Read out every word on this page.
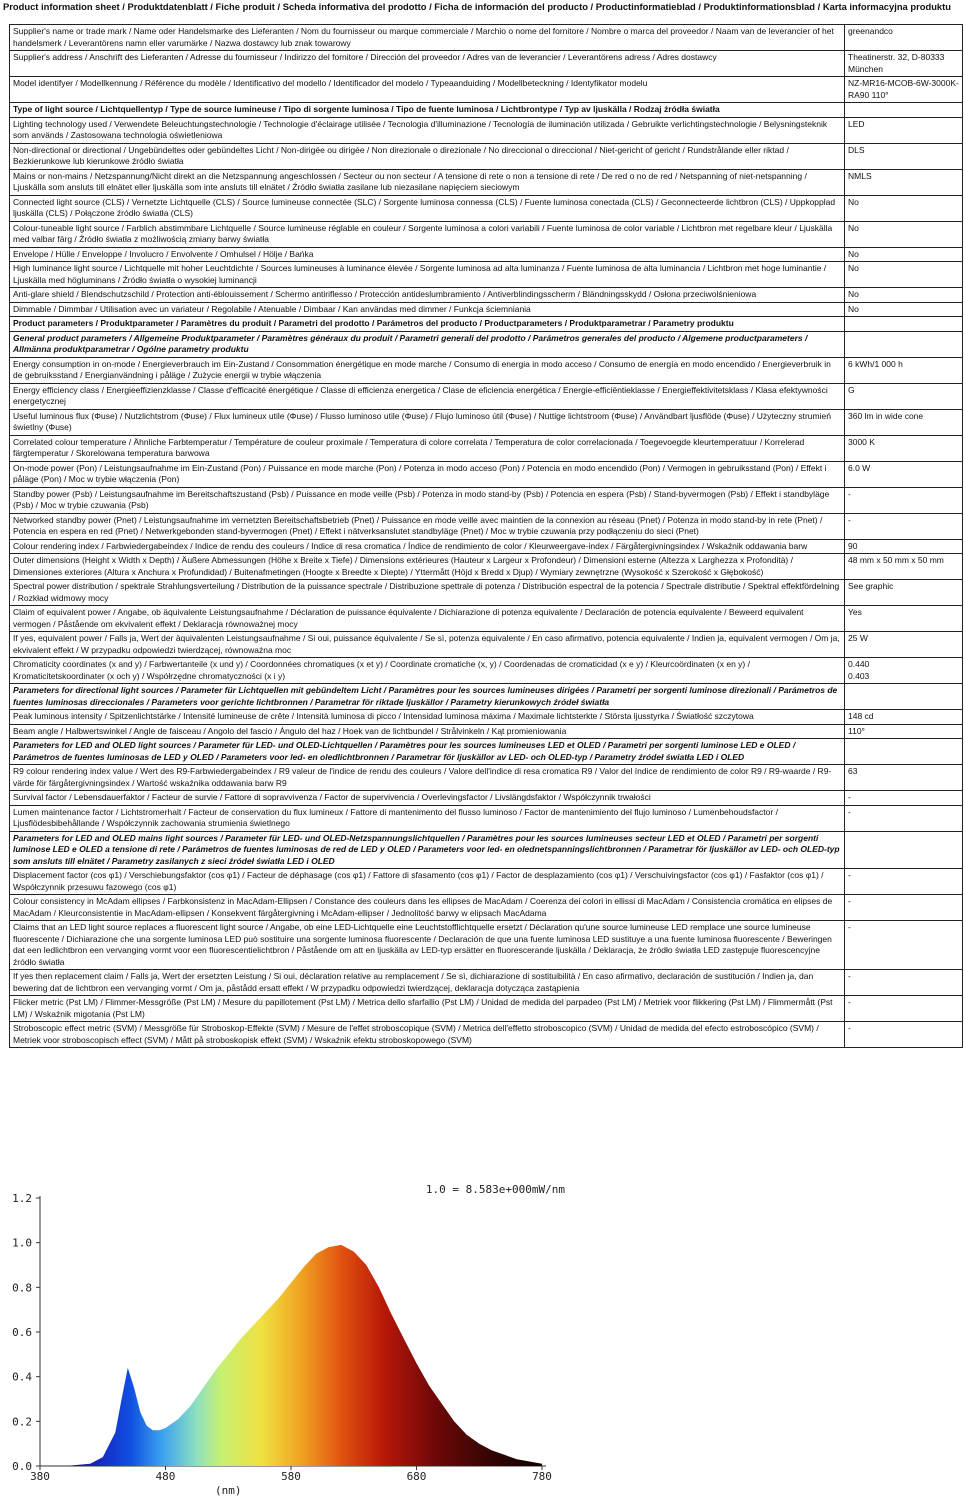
Product information sheet / Produktdatenblatt / Fiche produit / Scheda informativa del prodotto / Ficha de información del producto / Productinformatieblad / Produktinformationsblad / Karta informacyjna produktu
Supplier's name or trade mark / Name oder Handelsmarke des Lieferanten / Nom du fournisseur ou marque commerciale / Marchio o nome del fornitore / Nombre o marca del proveedor / Naam van de leverancier of het handelsmerk / Leverantörens namn eller varumärke / Nazwa dostawcy lub znak towarowy	greenandco
Supplier's address / Anschrift des Lieferanten / Adresse du fournisseur / Indirizzo del fornitore / Dirección del proveedor / Adres van de leverancier / Leverantörens adress / Adres dostawcy	Theatinerstr. 32, D-80333 München
Model identifyer / Modellkennung / Référence du modèle / Identificativo del modello / Identificador del modelo / Typeaanduiding / Modellbeteckning / Identyfikator modelu	NZ-MR16-MCOB-6W-3000K-RA90 110°
Type of light source / Lichtquellentyp / Type de source lumineuse / Tipo di sorgente luminosa / Tipo de fuente luminosa / Lichtbrontype / Typ av ljuskälla / Rodzaj źródła światła	
Lighting technology used / Verwendete Beleuchtungstechnologie / Technologie d'éclairage utilisée / Tecnologia d'illuminazione / Tecnología de iluminación utilizada / Gebruikte verlichtingstechnologie / Belysningsteknik som används / Zastosowana technologia oświetleniowa	LED
Non-directional or directional / Ungebündeltes oder gebündeltes Licht / Non-dirigée ou dirigée / Non direzionale o direzionale / No direccional o direccional / Niet-gericht of gericht / Rundstrålande eller riktad / Bezkierunkowe lub kierunkowe źródło światła	DLS
Mains or non-mains / Netzspannung/Nicht direkt an die Netzspannung angeschlossen / Secteur ou non secteur / A tensione di rete o non a tensione di rete / De red o no de red / Netspanning of niet-netspanning / Ljuskälla som ansluts till elnätet eller ljuskälla som inte ansluts till elnätet / Źródło światła zasilane lub niezasilane napięciem sieciowym	NMLS
Connected light source (CLS) / Vernetzte Lichtquelle (CLS) / Source lumineuse connectée (SLC) / Sorgente luminosa connessa (CLS) / Fuente luminosa conectada (CLS) / Geconnecteerde lichtbron (CLS) / Uppkopplad ljuskälla (CLS) / Połączone źródło światła (CLS)	No
Colour-tuneable light source / Farblich abstimmbare Lichtquelle / Source lumineuse réglable en couleur / Sorgente luminosa a colori variabili / Fuente luminosa de color variable / Lichtbron met regelbare kleur / Ljuskälla med valbar färg / Źródło światła z możliwością zmiany barwy światła	No
Envelope / Hülle / Enveloppe / Involucro / Envolvente / Omhulsel / Hölje / Bańka	No
High luminance light source / Lichtquelle mit hoher Leuchtdichte / Sources lumineuses à luminance élevée / Sorgente luminosa ad alta luminanza / Fuente luminosa de alta luminancia / Lichtbron met hoge luminantie / Ljuskälla med högluminans / Źródło światła o wysokiej luminancji	No
Anti-glare shield / Blendschutzschild / Protection anti-éblouissement / Schermo antiriflesso / Protección antideslumbramiento / Antiverblindingsscherm / Bländningsskydd / Osłona przeciwolśnieniowa	No
Dimmable / Dimmbar / Utilisation avec un variateur / Regolabile / Atenuable / Dimbaar / Kan användas med dimmer / Funkcja ściemniania	No
Product parameters / Produktparameter / Paramètres du produit / Parametri del prodotto / Parámetros del producto / Productparameters / Produktparametrar / Parametry produktu	
General product parameters / Allgemeine Produktparameter / Paramètres généraux du produit / Parametri generali del prodotto / Parámetros generales del producto / Algemene productparameters / Allmänna produktparametrar / Ogólne parametry produktu	
Energy consumption in on-mode / Energieverbrauch im Ein-Zustand / Consommation énergétique en mode marche / Consumo di energia in modo acceso / Consumo de energía en modo encendido / Energieverbruik in de gebruiksstand / Energianvändning i påläge / Zużycie energii w trybie włączenia	6 kWh/1 000 h
Energy efficiency class / Energieeffizienzklasse / Classe d'efficacité énergétique / Classe di efficienza energetica / Clase de eficiencia energética / Energie-efficiëntieklasse / Energieffektivitetsklass / Klasa efektywności energetycznej	G
Useful luminous flux (Φuse) / Nutzlichtstrom (Φuse) / Flux lumineux utile (Φuse) / Flusso luminoso utile (Φuse) / Flujo luminoso útil (Φuse) / Nuttige lichtstroom (Φuse) / Användbart ljusflöde (Φuse) / Użyteczny strumień świetlny (Φuse)	360 lm in wide cone
Correlated colour temperature / Ähnliche Farbtemperatur / Température de couleur proximale / Temperatura di colore correlata / Temperatura de color correlacionada / Toegevoegde kleurtemperatuur / Korrelerad färgtemperatur / Skorelowana temperatura barwowa	3000 K
On-mode power (Pon) / Leistungsaufnahme im Ein-Zustand (Pon) / Puissance en mode marche (Pon) / Potenza in modo acceso (Pon) / Potencia en modo encendido (Pon) / Vermogen in gebruiksstand (Pon) / Effekt i påläge (Pon) / Moc w trybie włączenia (Pon)	6.0 W
Standby power (Psb) / Leistungsaufnahme im Bereitschaftszustand (Psb) / Puissance en mode veille (Psb) / Potenza in modo stand-by (Psb) / Potencia en espera (Psb) / Stand-byvermogen (Psb) / Effekt i standbyläge (Psb) / Moc w trybie czuwania (Psb)	-
Networked standby power (Pnet) / Leistungsaufnahme im vernetzten Bereitschaftsbetrieb (Pnet) / Puissance en mode veille avec maintien de la connexion au réseau (Pnet) / Potenza in modo stand-by in rete (Pnet) / Potencia en espera en red (Pnet) / Netwerkgebonden stand-byvermogen (Pnet) / Effekt i nätverksanslutet standbyläge (Pnet) / Moc w trybie czuwania przy podłączeniu do sieci (Pnet)	-
Colour rendering index / Farbwiedergabeindex / Indice de rendu des couleurs / Indice di resa cromatica / Índice de rendimiento de color / Kleurweergave-index / Färgåtergivningsindex / Wskaźnik oddawania barw	90
Outer dimensions (Height x Width x Depth) / Äußere Abmessungen (Höhe x Breite x Tiefe) / Dimensions extérieures (Hauteur x Largeur x Profondeur) / Dimensioni esterne (Altezza x Larghezza x Profondità) / Dimensiones exteriores (Altura x Anchura x Profundidad) / Buitenafmetingen (Hoogte x Breedte x Diepte) / Yttermått (Höjd x Bredd x Djup) / Wymiary zewnętrzne (Wysokość x Szerokość x Głębokość)	48 mm x 50 mm x 50 mm
Spectral power distribution / spektrale Strahlungsverteilung / Distribution de la puissance spectrale / Distribuzione spettrale di potenza / Distribución espectral de la potencia / Spectrale distributie / Spektral effektfördelning / Rozkład widmowy mocy	See graphic
Claim of equivalent power / Angabe, ob äquivalente Leistungsaufnahme / Déclaration de puissance équivalente / Dichiarazione di potenza equivalente / Declaración de potencia equivalente / Beweerd equivalent vermogen / Påstående om ekvivalent effekt / Deklaracja równoważnej mocy	Yes
If yes, equivalent power / Falls ja, Wert der äquivalenten Leistungsaufnahme / Si oui, puissance équivalente / Se sì, potenza equivalente / En caso afirmativo, potencia equivalente / Indien ja, equivalent vermogen / Om ja, ekvivalent effekt / W przypadku odpowiedzi twierdzącej, równoważna moc	25 W
Chromaticity coordinates (x and y) / Farbwertanteile (x und y) / Coordonnées chromatiques (x et y) / Coordinate cromatiche (x, y) / Coordenadas de cromaticidad (x e y) / Kleurcoördinaten (x en y) / Kromaticitetskoordinater (x och y) / Współrzędne chromatyczności (x i y)	0.440
0.403
Parameters for directional light sources / Parameter für Lichtquellen mit gebündeltem Licht / Paramètres pour les sources lumineuses dirigées / Parametri per sorgenti luminose direzionali / Parámetros de fuentes luminosas direccionales / Parameters voor gerichte lichtbronnen / Parametrar för riktade ljuskällor / Parametry kierunkowych źródeł światła	
Peak luminous intensity / Spitzenlichtstärke / Intensité lumineuse de crête / Intensità luminosa di picco / Intensidad luminosa máxima / Maximale lichtsterkte / Största ljusstyrka / Światłość szczytowa	148 cd
Beam angle / Halbwertswinkel / Angle de faisceau / Angolo del fascio / Ángulo del haz / Hoek van de lichtbundel / Strålvinkeln / Kąt promieniowania	110°
Parameters for LED and OLED light sources / Parameter für LED- und OLED-Lichtquellen / Paramètres pour les sources lumineuses LED et OLED / Parametri per sorgenti luminose LED e OLED / Parámetros de fuentes luminosas de LED y OLED / Parameters voor led- en oledlichtbronnen / Parametrar för ljuskällor av LED- och OLED-typ / Parametry źródeł światła LED i OLED	
R9 colour rendering index value / Wert des R9-Farbwiedergabeindex / R9 valeur de l'indice de rendu des couleurs / Valore dell'indice di resa cromatica R9 / Valor del índice de rendimiento de color R9 / R9-waarde / R9-värde för färgåtergivningsindex / Wartość wskaźnika oddawania barw R9	63
Survival factor / Lebensdauerfaktor / Facteur de survie / Fattore di sopravvivenza / Factor de supervivencia / Overlevingsfactor / Livslängdsfaktor / Współczynnik trwałości	-
Lumen maintenance factor / Lichtstromerhalt / Facteur de conservation du flux lumineux / Fattore di mantenimento del flusso luminoso / Factor de mantenimiento del flujo luminoso / Lumenbehoudsfactor / Ljusflödesbibehållande / Współczynnik zachowania strumienia świetlnego	-
Parameters for LED and OLED mains light sources / Parameter für LED- und OLED-Netzspannungslichtquellen / Paramètres pour les sources lumineuses secteur LED et OLED / Parametri per sorgenti luminose LED e OLED a tensione di rete / Parámetros de fuentes luminosas de red de LED y OLED / Parameters voor led- en olednetspanningslichtbronnen / Parametrar för ljuskällor av LED- och OLED-typ som ansluts till elnätet / Parametry zasilanych z sieci źródeł światła LED i OLED	
Displacement factor (cos φ1) / Verschiebungsfaktor (cos φ1) / Facteur de déphasage (cos φ1) / Fattore di sfasamento (cos φ1) / Factor de desplazamiento (cos φ1) / Verschuivingsfactor (cos φ1) / Fasfaktor (cos φ1) / Współczynnik przesuwu fazowego (cos φ1)	-
Colour consistency in McAdam ellipses / Farbkonsistenz in MacAdam-Ellipsen / Constance des couleurs dans les ellipses de MacAdam / Coerenza dei colori in ellissi di MacAdam / Consistencia cromática en elipses de MacAdam / Kleurconsistentie in MacAdam-ellipsen / Konsekvent färgåtergivning i McAdam-ellipser / Jednolitość barwy w elipsach MacAdama	-
Claims that an LED light source replaces a fluorescent light source / Angabe, ob eine LED-Lichtquelle eine Leuchtstofflichtquelle ersetzt / Déclaration qu'une source lumineuse LED remplace une source lumineuse fluorescente / Dichiarazione che una sorgente luminosa LED può sostituire una sorgente luminosa fluorescente / Declaración de que una fuente luminosa LED sustituye a una fuente luminosa fluorescente / Beweringen dat een ledlichtbron een vervanging vormt voor een fluorescentielichtbron / Påstående om att en ljuskälla av LED-typ ersätter en fluorescerande ljuskälla / Deklaracja, że źródło światła LED zastępuje fluorescencyjne źródło światła	-
If yes then replacement claim / Falls ja, Wert der ersetzten Leistung / Si oui, déclaration relative au remplacement / Se sì, dichiarazione di sostituibilità / En caso afirmativo, declaración de sustitución / Indien ja, dan bewering dat de lichtbron een vervanging vormt / Om ja, påstådd ersatt effekt / W przypadku odpowiedzi twierdzącej, deklaracja dotycząca zastąpienia	-
Flicker metric (Pst LM) / Flimmer-Messgröße (Pst LM) / Mesure du papillotement (Pst LM) / Metrica dello sfarfallio (Pst LM) / Unidad de medida del parpadeo (Pst LM) / Metriek voor flikkering (Pst LM) / Flimmermått (Pst LM) / Wskaźnik migotania (Pst LM)	-
Stroboscopic effect metric (SVM) / Messgröße für Stroboskop-Effekte (SVM) / Mesure de l'effet stroboscopique (SVM) / Metrica dell'effetto stroboscopico (SVM) / Unidad de medida del efecto estroboscópico (SVM) / Metriek voor stroboscopisch effect (SVM) / Mått på stroboskopisk effekt (SVM) / Wskaźnik efektu stroboskopowego (SVM)	-
0.0
0.2
0.4
0.6
0.8
1.0
1.2
380	480	580	680	780
(nm)
1.0 = 8.583e+000mW/nm
